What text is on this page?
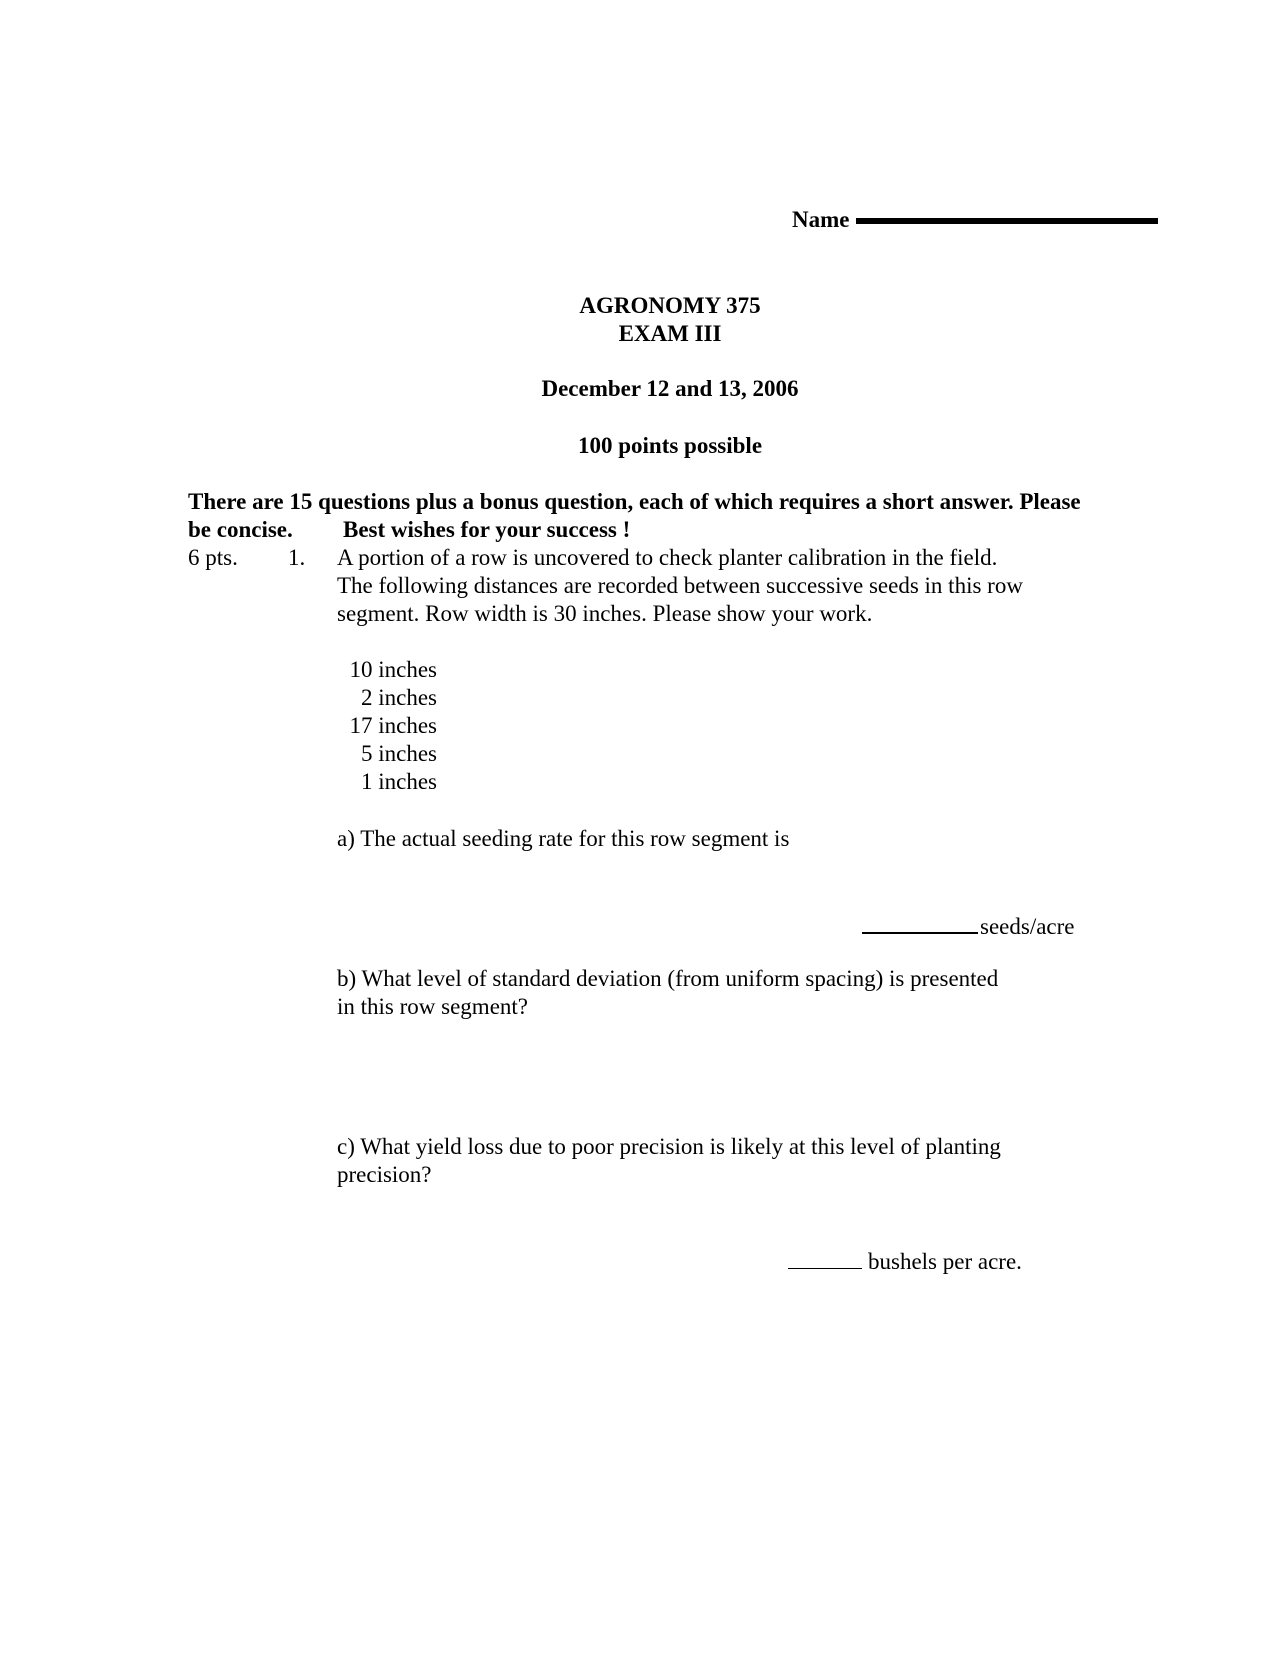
Name
AGRONOMY 375
EXAM III
December 12 and 13, 2006
100 points possible
There are 15 questions plus a bonus question, each of which requires a short answer. Please
be concise. Best wishes for your success !
6 pts. 1. A portion of a row is uncovered to check planter calibration in the field.
The following distances are recorded between successive seeds in this row
segment. Row width is 30 inches. Please show your work.
10 inches
2 inches
17 inches
5 inches
1 inches
a) The actual seeding rate for this row segment is
seeds/acre
b) What level of standard deviation (from uniform spacing) is presented
in this row segment?
c) What yield loss due to poor precision is likely at this level of planting
precision?
bushels per acre.
